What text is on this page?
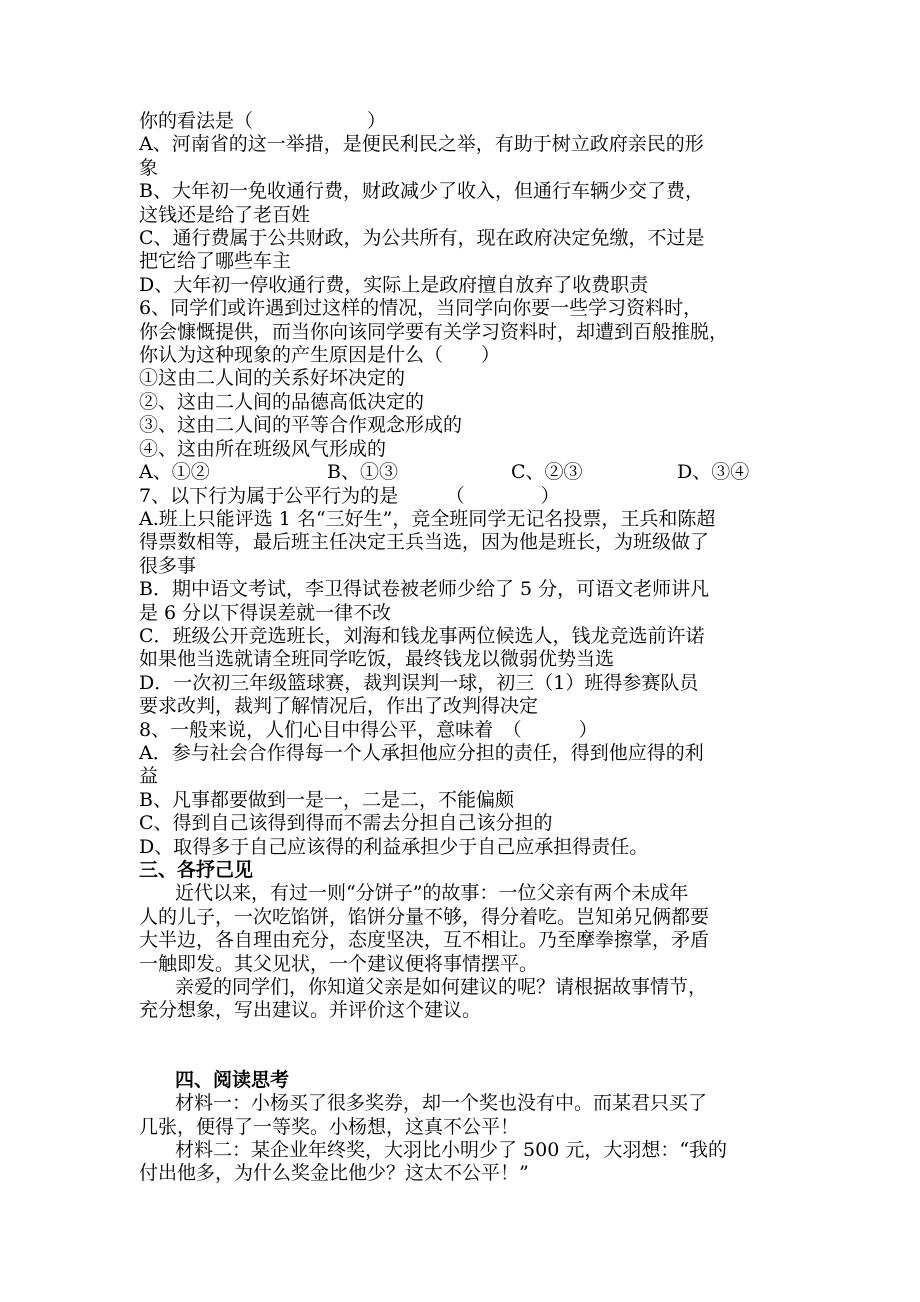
你的看法是（　　　　　　）
A、河南省的这一举措，是便民利民之举，有助于树立政府亲民的形
象
B、大年初一免收通行费，财政减少了收入，但通行车辆少交了费，
这钱还是给了老百姓
C、通行费属于公共财政，为公共所有，现在政府决定免缴，不过是
把它给了哪些车主
D、大年初一停收通行费，实际上是政府擅自放弃了收费职责
6、同学们或许遇到过这样的情况，当同学向你要一些学习资料时，
你会慷慨提供，而当你向该同学要有关学习资料时，却遭到百般推脱，
你认为这种现象的产生原因是什么（　　）
①这由二人间的关系好坏决定的
②、这由二人间的品德高低决定的
③、这由二人间的平等合作观念形成的
④、这由所在班级风气形成的
A、①②	B、①③	C、②③	D、③④
7、以下行为属于公平行为的是　　　（　　　　）
A.班上只能评选 1 名“三好生”，竞全班同学无记名投票，王兵和陈超
得票数相等，最后班主任决定王兵当选，因为他是班长，为班级做了
很多事
B．期中语文考试，李卫得试卷被老师少给了 5 分，可语文老师讲凡
是 6 分以下得误差就一律不改
C．班级公开竞选班长，刘海和钱龙事两位候选人，钱龙竞选前许诺
如果他当选就请全班同学吃饭，最终钱龙以微弱优势当选
D．一次初三年级篮球赛，裁判误判一球，初三（1）班得参赛队员
要求改判，裁判了解情况后，作出了改判得决定
8、一般来说，人们心目中得公平，意味着　（　　　）
A．参与社会合作得每一个人承担他应分担的责任，得到他应得的利
益
B、凡事都要做到一是一，二是二，不能偏颇
C、得到自己该得到得而不需去分担自己该分担的
D、取得多于自己应该得的利益承担少于自己应承担得责任。
三、各抒己见
近代以来，有过一则“分饼子”的故事：一位父亲有两个未成年
人的儿子，一次吃馅饼，馅饼分量不够，得分着吃。岂知弟兄俩都要
大半边，各自理由充分，态度坚决，互不相让。乃至摩拳擦掌，矛盾
一触即发。其父见状，一个建议便将事情摆平。
亲爱的同学们，你知道父亲是如何建议的呢？请根据故事情节，
充分想象，写出建议。并评价这个建议。
四、阅读思考
材料一：小杨买了很多奖券，却一个奖也没有中。而某君只买了
几张，便得了一等奖。小杨想，这真不公平！
材料二：某企业年终奖，大羽比小明少了 500 元，大羽想：“我的
付出他多，为什么奖金比他少？这太不公平！”
